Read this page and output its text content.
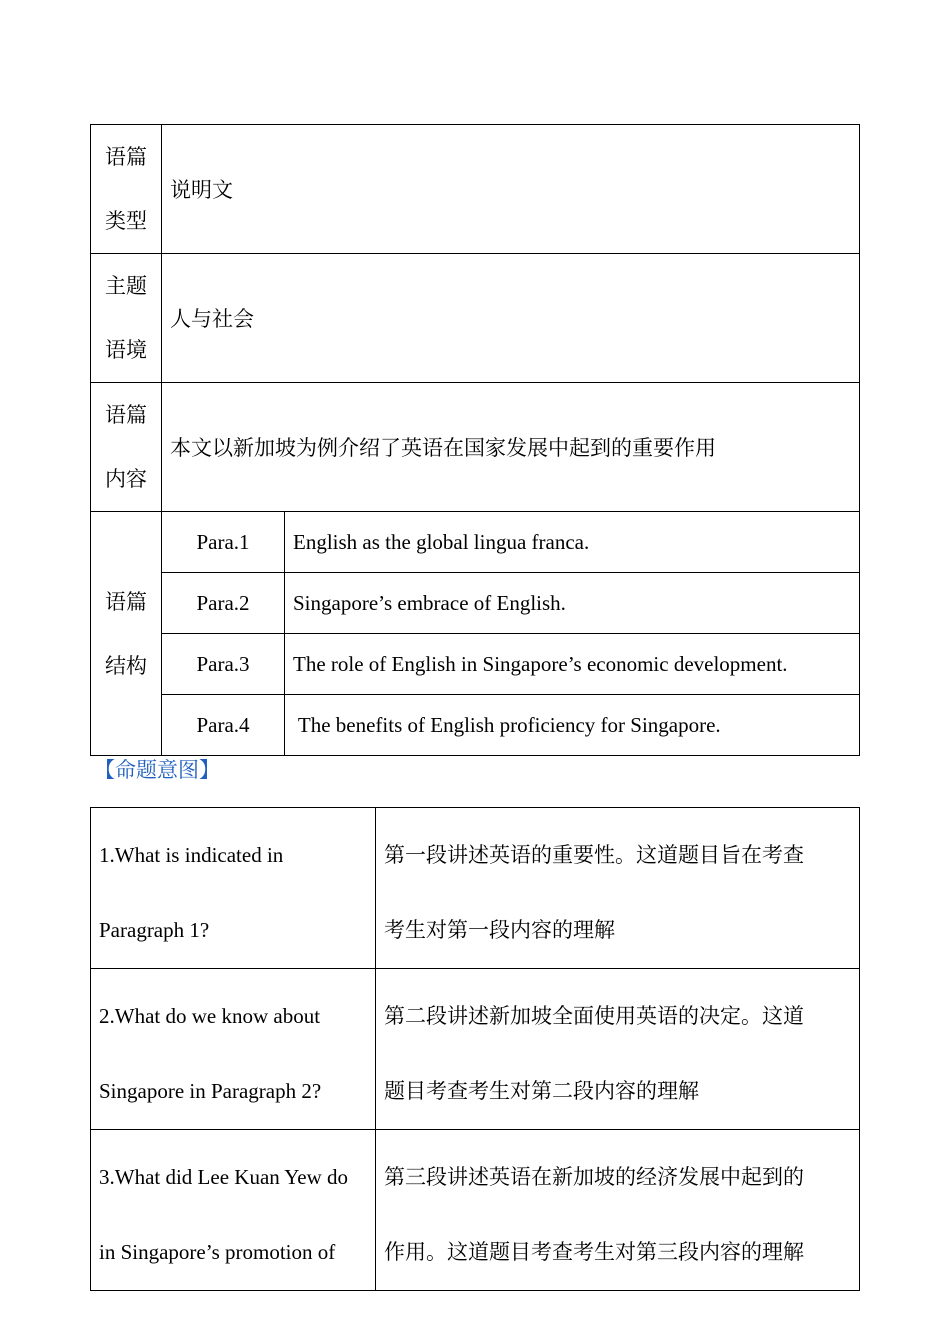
语篇
类型	说明文	

主题
语境	人与社会	

语篇
内容	本文以新加坡为例介绍了英语在国家发展中起到的重要作用	

语篇
结构	Para.1	English as the global lingua franca.
	Para.2	Singapore’s embrace of English.
	Para.3	The role of English in Singapore’s economic development.
	Para.4	The benefits of English proficiency for Singapore.
【命题意图】
1.What is indicated in
Paragraph 1?	第一段讲述英语的重要性。这道题目旨在考查
考生对第一段内容的理解

2.What do we know about
Singapore in Paragraph 2?	第二段讲述新加坡全面使用英语的决定。这道
题目考查考生对第二段内容的理解

3.What did Lee Kuan Yew do
in Singapore’s promotion of	第三段讲述英语在新加坡的经济发展中起到的
作用。这道题目考查考生对第三段内容的理解
